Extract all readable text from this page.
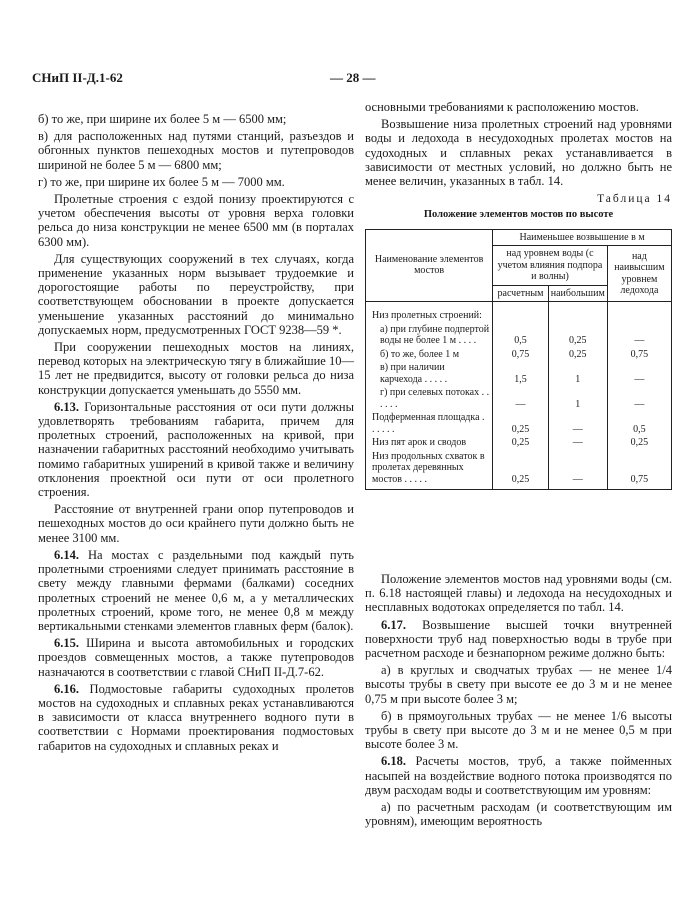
СНиП II-Д.1-62	— 28 —

б) то же, при ширине их более 5 м — 6500 мм;

в) для расположенных над путями станций, разъездов и обгонных пунктов пешеходных мостов и путепроводов шириной не более 5 м — 6800 мм;

г) то же, при ширине их более 5 м — 7000 мм.

Пролетные строения с ездой понизу проектируются с учетом обеспечения высоты от уровня верха головки рельса до низа конструкции не менее 6500 мм (в порталах 6300 мм).

Для существующих сооружений в тех случаях, когда применение указанных норм вызывает трудоемкие и дорогостоящие работы по переустройству, при соответствующем обосновании в проекте допускается уменьшение указанных расстояний до минимально допускаемых норм, предусмотренных ГОСТ 9238—59 *.

При сооружении пешеходных мостов на линиях, перевод которых на электрическую тягу в ближайшие 10—15 лет не предвидится, высоту от головки рельса до низа конструкции допускается уменьшать до 5550 мм.

6.13. Горизонтальные расстояния от оси пути должны удовлетворять требованиям габарита, причем для пролетных строений, расположенных на кривой, при назначении габаритных расстояний необходимо учитывать помимо габаритных уширений в кривой также и величину отклонения проектной оси пути от оси пролетного строения.

Расстояние от внутренней грани опор путепроводов и пешеходных мостов до оси крайнего пути должно быть не менее 3100 мм.

6.14. На мостах с раздельными под каждый путь пролетными строениями следует принимать расстояние в свету между главными фермами (балками) соседних пролетных строений не менее 0,6 м, а у металлических пролетных строений, кроме того, не менее 0,8 м между вертикальными стенками элементов главных ферм (балок).

6.15. Ширина и высота автомобильных и городских проездов совмещенных мостов, а также путепроводов назначаются в соответствии с главой СНиП II-Д.7-62.

6.16. Подмостовые габариты судоходных пролетов мостов на судоходных и сплавных реках устанавливаются в зависимости от класса внутреннего водного пути в соответствии с Нормами проектирования подмостовых габаритов на судоходных и сплавных реках и

основными требованиями к расположению мостов.

Возвышение низа пролетных строений над уровнями воды и ледохода в несудоходных пролетах мостов на судоходных и сплавных реках устанавливается в зависимости от местных условий, но должно быть не менее величин, указанных в табл. 14.

Таблица 14
Положение элементов мостов по высоте
Наименование элементов мостов	Наименьшее возвышение в м		
	над уровнем воды (с учетом влияния подпора и волны)		над наивысшим уровнем ледохода
	расчетным	наибольшим	
Низ пролетных строений:			
а) при глубине подпертой воды не более 1 м . . . .	0,5	0,25	—
б) то же, более 1 м	0,75	0,25	0,75
в) при наличии карчехода . . . . .	1,5	1	—
г) при селевых потоках . . . . . .	—	1	—
Подферменная площадка . . . . . .	0,25	—	0,5
Низ пят арок и сводов	0,25	—	0,25
Низ продольных схваток в пролетах деревянных мостов . . . . .	0,25	—	0,75

Положение элементов мостов над уровнями воды (см. п. 6.18 настоящей главы) и ледохода на несудоходных и несплавных водотоках определяется по табл. 14.

6.17. Возвышение высшей точки внутренней поверхности труб над поверхностью воды в трубе при расчетном расходе и безнапорном режиме должно быть:

а) в круглых и сводчатых трубах — не менее 1/4 высоты трубы в свету при высоте ее до 3 м и не менее 0,75 м при высоте более 3 м;

б) в прямоугольных трубах — не менее 1/6 высоты трубы в свету при высоте до 3 м и не менее 0,5 м при высоте более 3 м.

6.18. Расчеты мостов, труб, а также пойменных насыпей на воздействие водного потока производятся по двум расходам воды и соответствующим им уровням:

а) по расчетным расходам (и соответствующим им уровням), имеющим вероятность
